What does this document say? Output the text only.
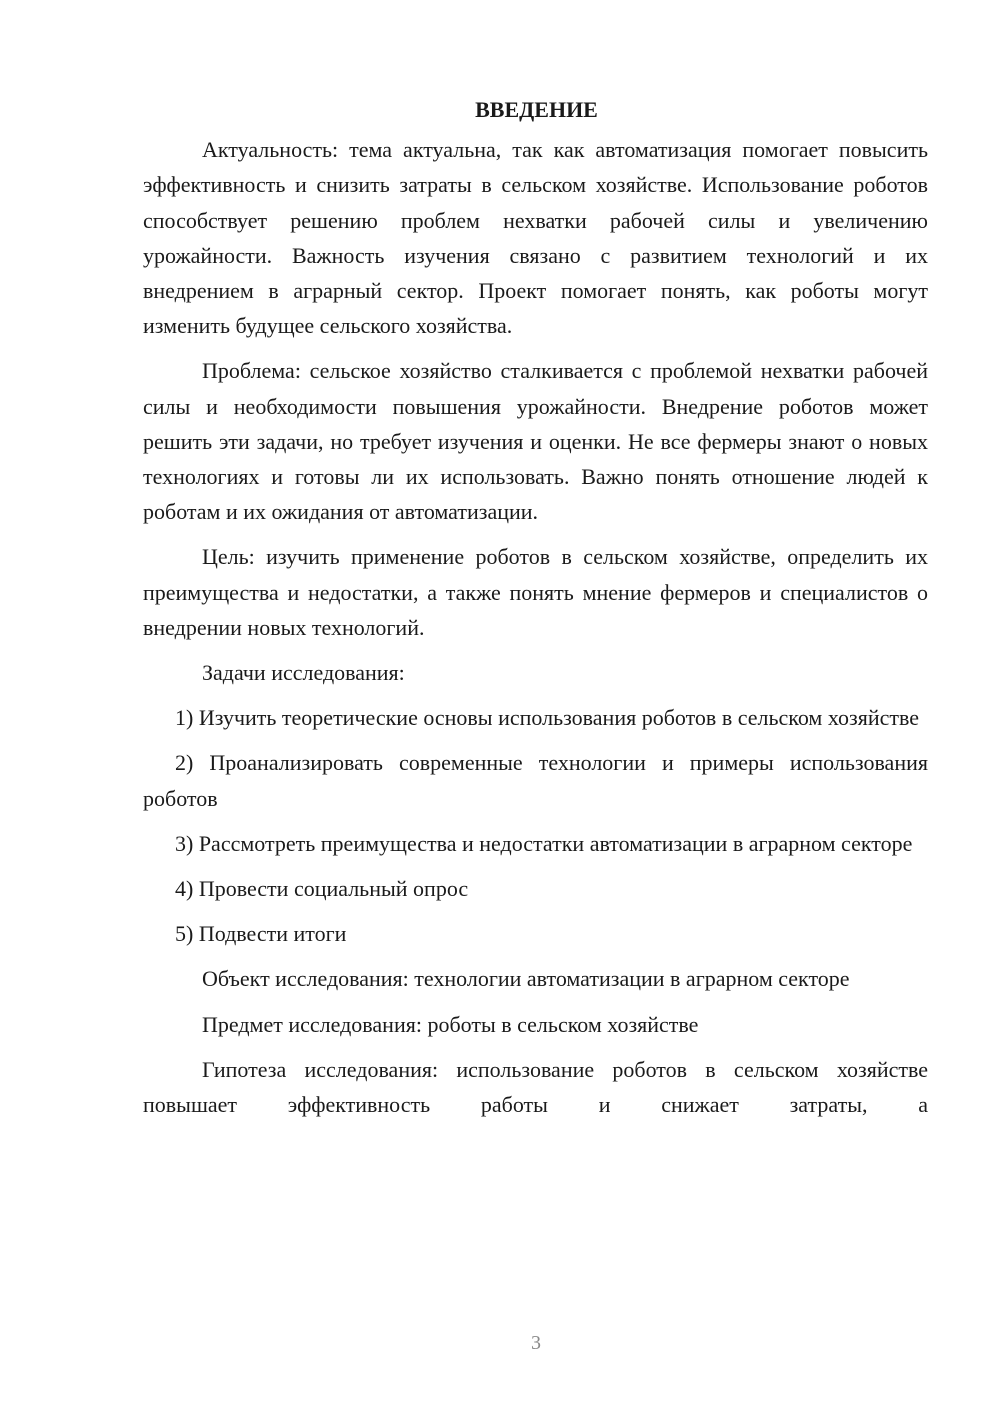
ВВЕДЕНИЕ

Актуальность: тема актуальна, так как автоматизация помогает повысить эффективность и снизить затраты в сельском хозяйстве. Использование роботов способствует решению проблем нехватки рабочей силы и увеличению урожайности. Важность изучения связано с развитием технологий и их внедрением в аграрный сектор. Проект помогает понять, как роботы могут изменить будущее сельского хозяйства.

Проблема: сельское хозяйство сталкивается с проблемой нехватки рабочей силы и необходимости повышения урожайности. Внедрение роботов может решить эти задачи, но требует изучения и оценки. Не все фермеры знают о новых технологиях и готовы ли их использовать. Важно понять отношение людей к роботам и их ожидания от автоматизации.

Цель: изучить применение роботов в сельском хозяйстве, определить их преимущества и недостатки, а также понять мнение фермеров и специалистов о внедрении новых технологий.

Задачи исследования:

1) Изучить теоретические основы использования роботов в сельском хозяйстве

2) Проанализировать современные технологии и примеры использования роботов

3) Рассмотреть преимущества и недостатки автоматизации в аграрном секторе

4) Провести социальный опрос

5) Подвести итоги

Объект исследования: технологии автоматизации в аграрном секторе

Предмет исследования: роботы в сельском хозяйстве

Гипотеза исследования: использование роботов в сельском хозяйстве повышает эффективность работы и снижает затраты, а

3
